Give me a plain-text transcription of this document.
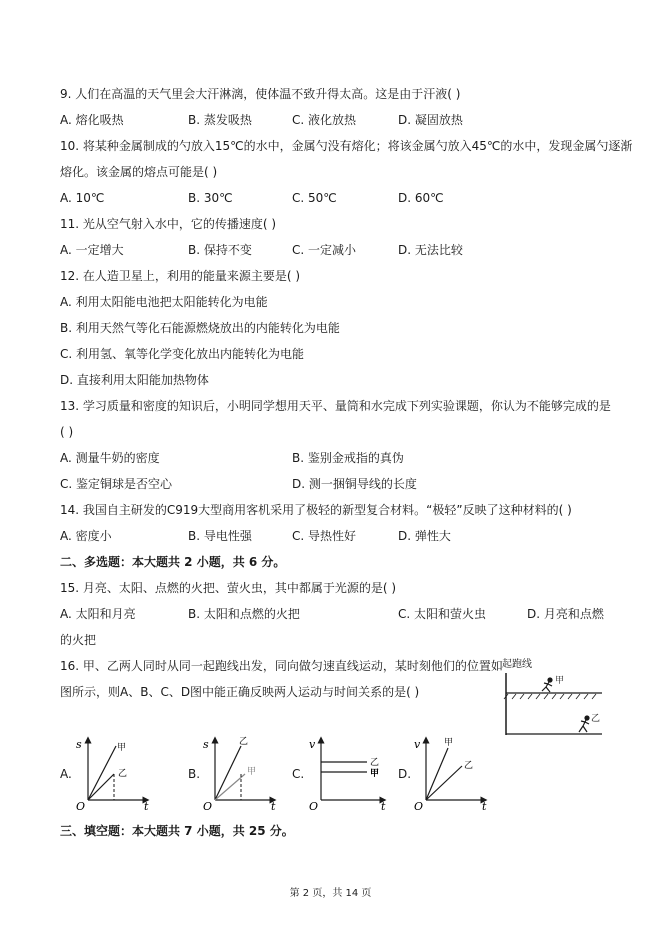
9. 人们在高温的天气里会大汗淋漓，使体温不致升得太高。这是由于汗液( )
A. 熔化吸热	B. 蒸发吸热	C. 液化放热	D. 凝固放热
10. 将某种金属制成的勺放入15℃的水中，金属勺没有熔化；将该金属勺放入45℃的水中，发现金属勺逐渐
熔化。该金属的熔点可能是( )
A. 10℃	B. 30℃	C. 50℃	D. 60℃
11. 光从空气射入水中，它的传播速度( )
A. 一定增大	B. 保持不变	C. 一定减小	D. 无法比较
12. 在人造卫星上，利用的能量来源主要是( )
A. 利用太阳能电池把太阳能转化为电能
B. 利用天然气等化石能源燃烧放出的内能转化为电能
C. 利用氢、氧等化学变化放出内能转化为电能
D. 直接利用太阳能加热物体
13. 学习质量和密度的知识后，小明同学想用天平、量筒和水完成下列实验课题，你认为不能够完成的是
( )
A. 测量牛奶的密度	B. 鉴别金戒指的真伪
C. 鉴定铜球是否空心	D. 测一捆铜导线的长度
14. 我国自主研发的C919大型商用客机采用了极轻的新型复合材料。“极轻”反映了这种材料的( )
A. 密度小	B. 导电性强	C. 导热性好	D. 弹性大
二、多选题：本大题共 2 小题，共 6 分。
15. 月亮、太阳、点燃的火把、萤火虫，其中都属于光源的是( )
A. 太阳和月亮	B. 太阳和点燃的火把	C. 太阳和萤火虫	D. 月亮和点燃
的火把
16. 甲、乙两人同时从同一起跑线出发，同向做匀速直线运动，某时刻他们的位置如
图所示，则A、B、C、D图中能正确反映两人运动与时间关系的是( )
起跑线
甲
乙
A.
s
t
O
甲
乙	B.
s
t
O
乙
甲	C.
v
t
O
乙
甲 D.
v
t
O
甲
乙
三、填空题：本大题共 7 小题，共 25 分。
第 2 页，共 14 页
